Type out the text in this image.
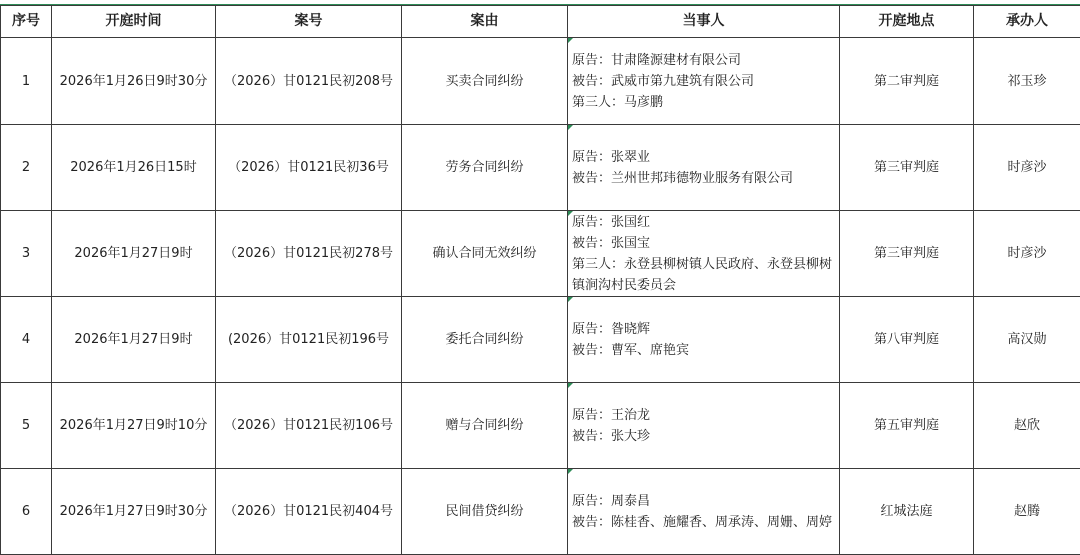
序号	开庭时间	案号	案由	当事人	开庭地点	承办人
1	2026年1月26日9时30分	（2026）甘0121民初208号	买卖合同纠纷	原告：甘肃隆源建材有限公司
被告：武威市第九建筑有限公司
第三人：马彦鹏	第二审判庭	祁玉珍
2	2026年1月26日15时	（2026）甘0121民初36号	劳务合同纠纷	原告：张翠业
被告：兰州世邦玮德物业服务有限公司	第三审判庭	时彦沙
3	2026年1月27日9时	（2026）甘0121民初278号	确认合同无效纠纷	原告：张国红
被告：张国宝
第三人：永登县柳树镇人民政府、永登县柳树镇涧沟村民委员会	第三审判庭	时彦沙
4	2026年1月27日9时	(2026）甘0121民初196号	委托合同纠纷	原告：昝晓辉
被告：曹军、席艳宾	第八审判庭	高汉勋
5	2026年1月27日9时10分	（2026）甘0121民初106号	赠与合同纠纷	原告：王治龙
被告：张大珍	第五审判庭	赵欣
6	2026年1月27日9时30分	（2026）甘0121民初404号	民间借贷纠纷	原告：周泰昌
被告：陈桂香、施耀香、周承涛、周姗、周婷	红城法庭	赵腾
